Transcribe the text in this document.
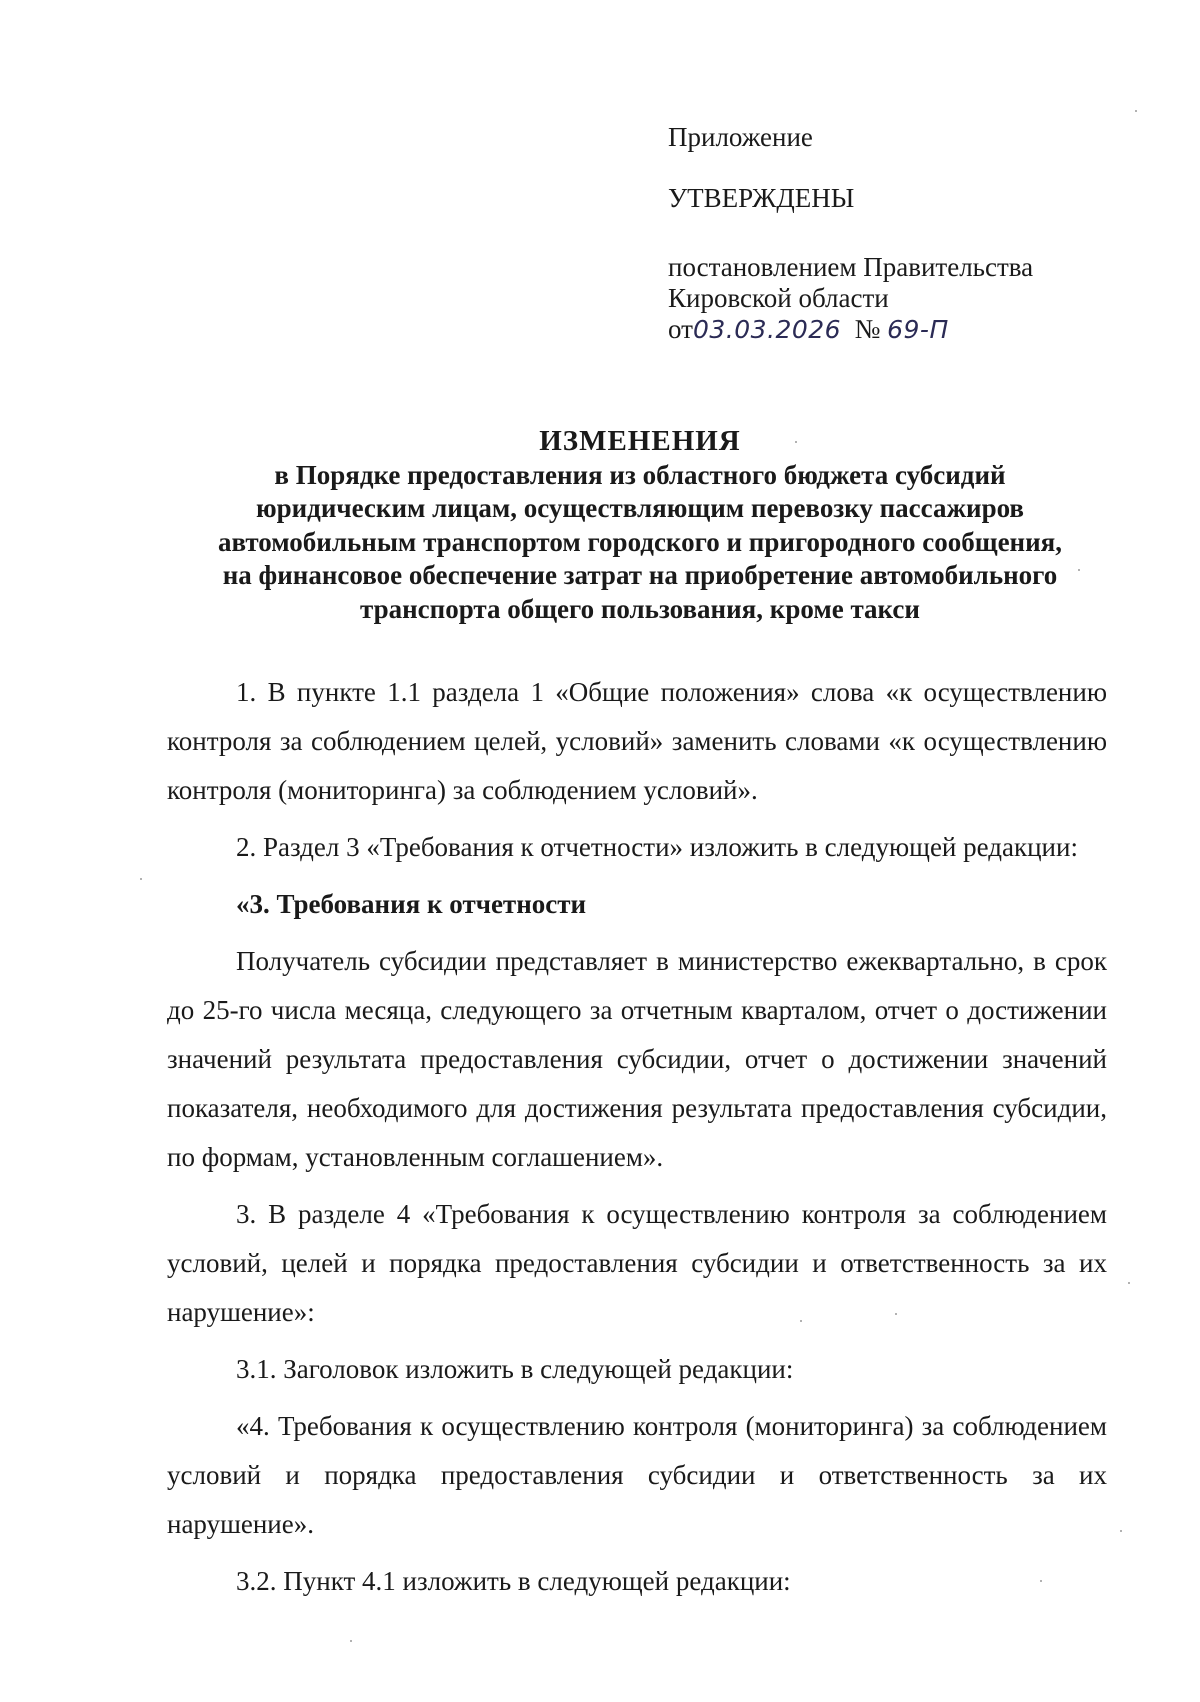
Приложение
УТВЕРЖДЕНЫ
постановлением Правительства
Кировской области
от03.03.2026 № 69-П
ИЗМЕНЕНИЯ
в Порядке предоставления из областного бюджета субсидий
юридическим лицам, осуществляющим перевозку пассажиров
автомобильным транспортом городского и пригородного сообщения,
на финансовое обеспечение затрат на приобретение автомобильного
транспорта общего пользования, кроме такси

1. В пункте 1.1 раздела 1 «Общие положения» слова «к осуществлению контроля за соблюдением целей, условий» заменить словами «к осуществлению контроля (мониторинга) за соблюдением условий».

2. Раздел 3 «Требования к отчетности» изложить в следующей редакции:

«3. Требования к отчетности

Получатель субсидии представляет в министерство ежеквартально, в срок до 25-го числа месяца, следующего за отчетным кварталом, отчет о достижении значений результата предоставления субсидии, отчет о достижении значений показателя, необходимого для достижения результата предоставления субсидии, по формам, установленным соглашением».

3. В разделе 4 «Требования к осуществлению контроля за соблюдением условий, целей и порядка предоставления субсидии и ответственность за их нарушение»:

3.1. Заголовок изложить в следующей редакции:

«4. Требования к осуществлению контроля (мониторинга) за соблюдением условий и порядка предоставления субсидии и ответственность за их нарушение».

3.2. Пункт 4.1 изложить в следующей редакции:
